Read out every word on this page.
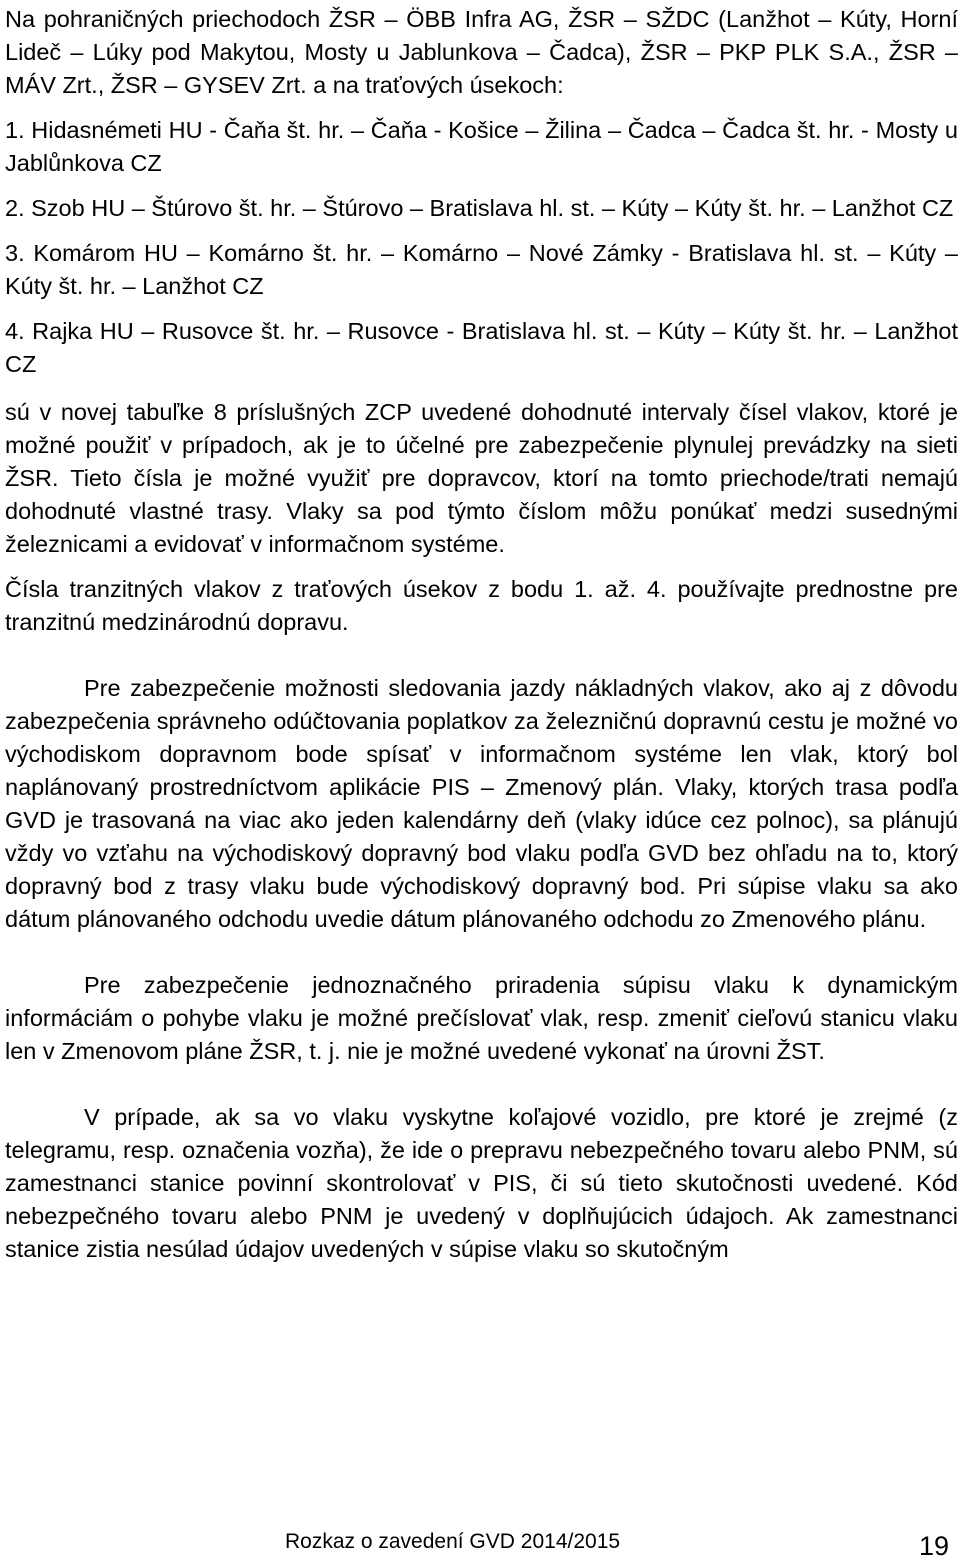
Na pohraničných priechodoch ŽSR – ÖBB Infra AG, ŽSR – SŽDC (Lanžhot – Kúty, Horní Lideč – Lúky pod Makytou, Mosty u Jablunkova – Čadca), ŽSR – PKP PLK S.A., ŽSR – MÁV Zrt., ŽSR – GYSEV Zrt. a na traťových úsekoch:

1. Hidasnémeti HU - Čaňa št. hr. – Čaňa - Košice – Žilina – Čadca – Čadca št. hr. - Mosty u Jablůnkova CZ

2. Szob HU – Štúrovo št. hr. – Štúrovo – Bratislava hl. st. – Kúty – Kúty št. hr. – Lanžhot CZ

3. Komárom HU – Komárno št. hr. – Komárno – Nové Zámky - Bratislava hl. st. – Kúty – Kúty št. hr. – Lanžhot CZ

4. Rajka HU – Rusovce št. hr. – Rusovce - Bratislava hl. st. – Kúty – Kúty št. hr. – Lanžhot CZ

sú v novej tabuľke 8 príslušných ZCP uvedené dohodnuté intervaly čísel vlakov, ktoré je možné použiť v prípadoch, ak je to účelné pre zabezpečenie plynulej prevádzky na sieti ŽSR. Tieto čísla je možné využiť pre dopravcov, ktorí na tomto priechode/trati nemajú dohodnuté vlastné trasy. Vlaky sa pod týmto číslom môžu ponúkať medzi susednými železnicami a evidovať v informačnom systéme.

Čísla tranzitných vlakov z traťových úsekov z bodu 1. až. 4. používajte prednostne pre tranzitnú medzinárodnú dopravu.

Pre zabezpečenie možnosti sledovania jazdy nákladných vlakov, ako aj z dôvodu zabezpečenia správneho odúčtovania poplatkov za železničnú dopravnú cestu je možné vo východiskom dopravnom bode spísať v informačnom systéme len vlak, ktorý bol naplánovaný prostredníctvom aplikácie PIS – Zmenový plán. Vlaky, ktorých trasa podľa GVD je trasovaná na viac ako jeden kalendárny deň (vlaky idúce cez polnoc), sa plánujú vždy vo vzťahu na východiskový dopravný bod vlaku podľa GVD bez ohľadu na to, ktorý dopravný bod z trasy vlaku bude východiskový dopravný bod. Pri súpise vlaku sa ako dátum plánovaného odchodu uvedie dátum plánovaného odchodu zo Zmenového plánu.

Pre zabezpečenie jednoznačného priradenia súpisu vlaku k dynamickým informáciám o pohybe vlaku je možné prečíslovať vlak, resp. zmeniť cieľovú stanicu vlaku len v Zmenovom pláne ŽSR, t. j. nie je možné uvedené vykonať na úrovni ŽST.

V prípade, ak sa vo vlaku vyskytne koľajové vozidlo, pre ktoré je zrejmé (z telegramu, resp. označenia vozňa), že ide o prepravu nebezpečného tovaru alebo PNM, sú zamestnanci stanice povinní skontrolovať v PIS, či sú tieto skutočnosti uvedené. Kód nebezpečného tovaru alebo PNM je uvedený v doplňujúcich údajoch. Ak zamestnanci stanice zistia nesúlad údajov uvedených v súpise vlaku so skutočným

Rozkaz o zavedení GVD 2014/2015	19
